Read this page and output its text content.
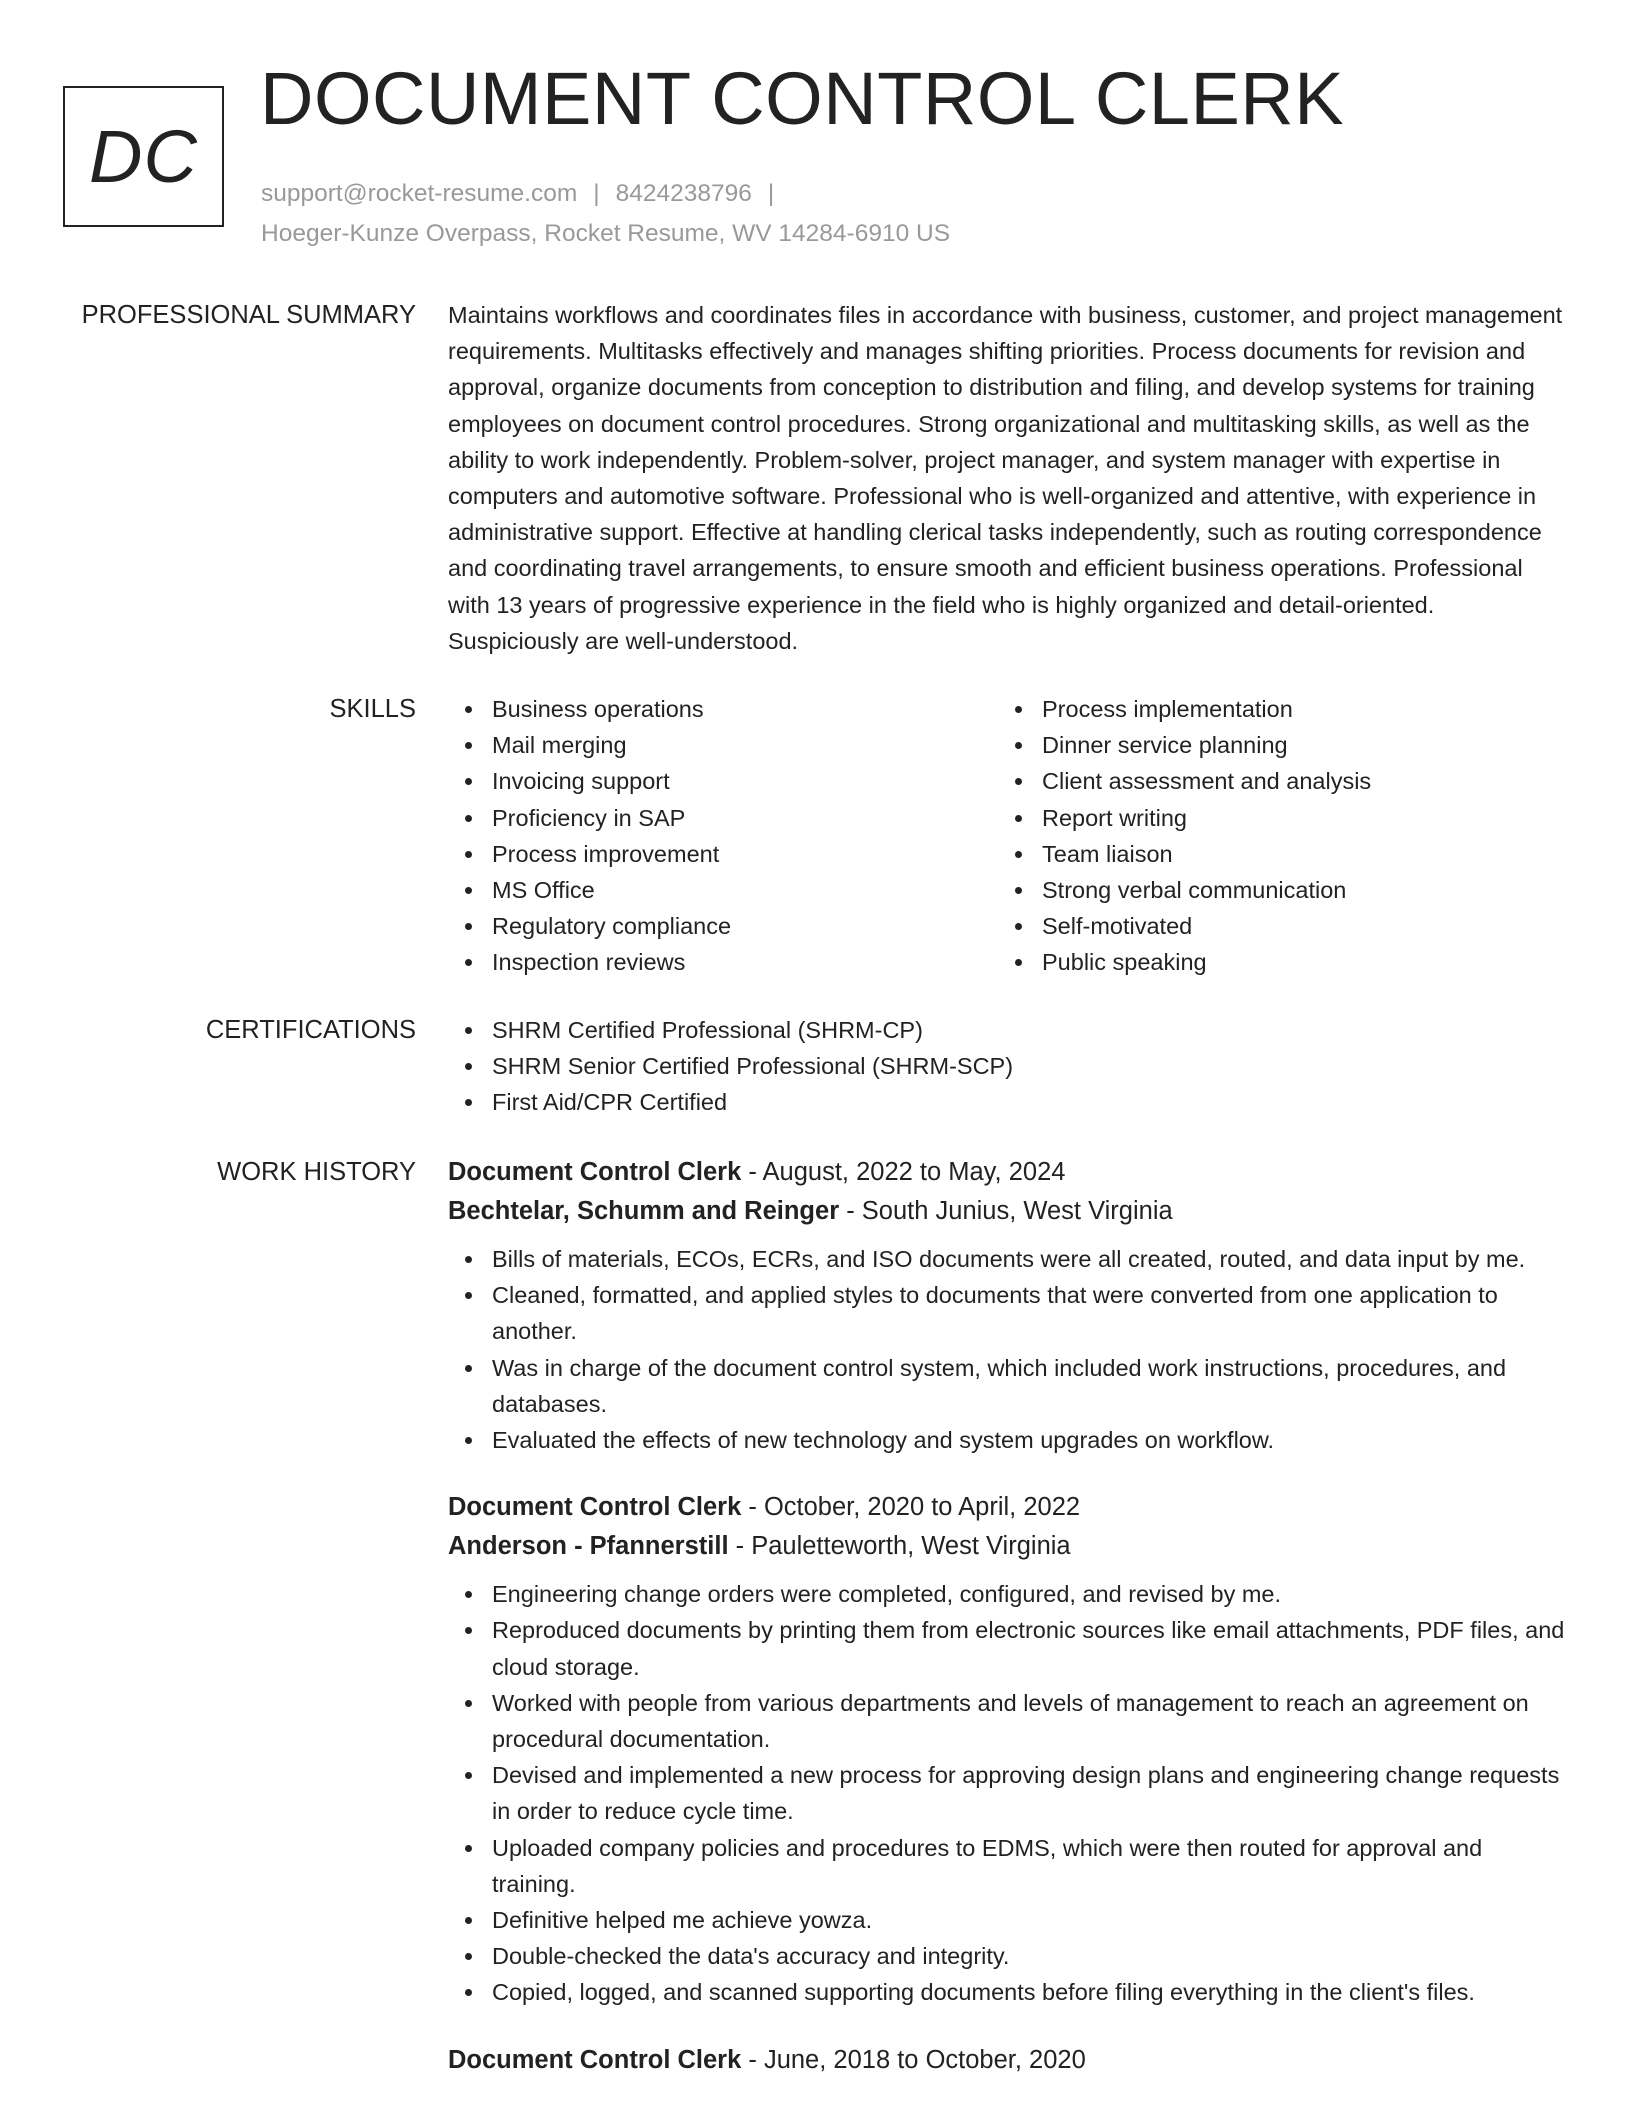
DC
DOCUMENT CONTROL CLERK
support@rocket-resume.com | 8424238796 |
Hoeger-Kunze Overpass, Rocket Resume, WV 14284-6910 US
PROFESSIONAL SUMMARY Maintains workflows and coordinates files in accordance with business, customer, and project management requirements. Multitasks effectively and manages shifting priorities. Process documents for revision and approval, organize documents from conception to distribution and filing, and develop systems for training employees on document control procedures. Strong organizational and multitasking skills, as well as the ability to work independently. Problem-solver, project manager, and system manager with expertise in computers and automotive software. Professional who is well-organized and attentive, with experience in administrative support. Effective at handling clerical tasks independently, such as routing correspondence and coordinating travel arrangements, to ensure smooth and efficient business operations. Professional with 13 years of progressive experience in the field who is highly organized and detail-oriented. Suspiciously are well-understood.

SKILLS	Business operations
Mail merging
Invoicing support
Proficiency in SAP
Process improvement
MS Office
Regulatory compliance
Inspection reviews
Process implementation
Dinner service planning
Client assessment and analysis
Report writing
Team liaison
Strong verbal communication
Self-motivated
Public speaking
CERTIFICATIONS	SHRM Certified Professional (SHRM-CP)
SHRM Senior Certified Professional (SHRM-SCP)
First Aid/CPR Certified
WORK HISTORY Document Control Clerk - August, 2022 to May, 2024
Bechtelar, Schumm and Reinger - South Junius, West Virginia
Bills of materials, ECOs, ECRs, and ISO documents were all created, routed, and data input by me.
Cleaned, formatted, and applied styles to documents that were converted from one application to another.
Was in charge of the document control system, which included work instructions, procedures, and databases.
Evaluated the effects of new technology and system upgrades on workflow.
Document Control Clerk - October, 2020 to April, 2022
Anderson - Pfannerstill - Pauletteworth, West Virginia
Engineering change orders were completed, configured, and revised by me.
Reproduced documents by printing them from electronic sources like email attachments, PDF files, and cloud storage.
Worked with people from various departments and levels of management to reach an agreement on procedural documentation.
Devised and implemented a new process for approving design plans and engineering change requests in order to reduce cycle time.
Uploaded company policies and procedures to EDMS, which were then routed for approval and training.
Definitive helped me achieve yowza.
Double-checked the data's accuracy and integrity.
Copied, logged, and scanned supporting documents before filing everything in the client's files.
Document Control Clerk - June, 2018 to October, 2020
